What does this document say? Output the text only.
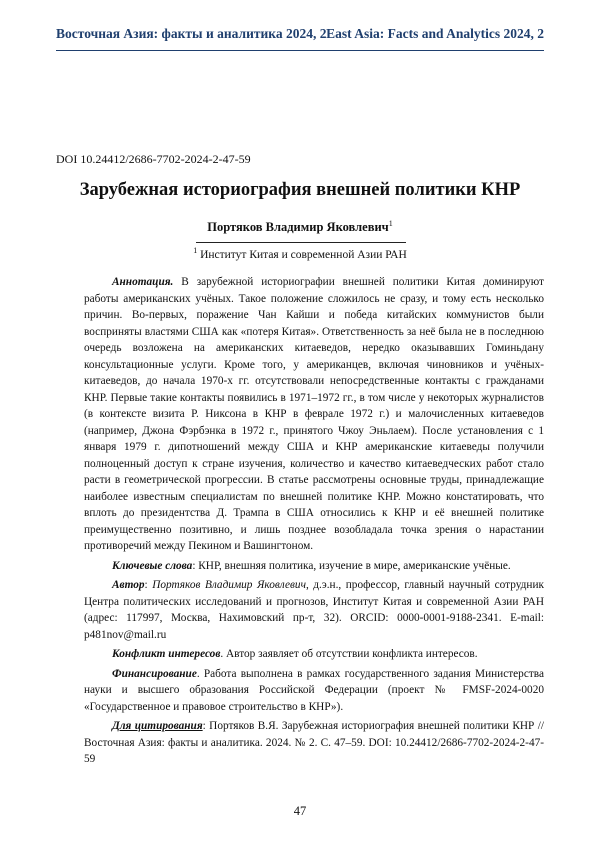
Восточная Азия: факты и аналитика 2024, 2 East Asia: Facts and Analytics 2024, 2
DOI 10.24412/2686-7702-2024-2-47-59
Зарубежная историография внешней политики КНР
Портяков Владимир Яковлевич$^1$
$^1$ Институт Китая и современной Азии РАН

Аннотация. В зарубежной историографии внешней политики Китая доминируют работы американских учёных. Такое положение сложилось не сразу, и тому есть несколько причин. Во-первых, поражение Чан Кайши и победа китайских коммунистов были восприняты властями США как «потеря Китая». Ответственность за неё была не в последнюю очередь возложена на американских китаеведов, нередко оказывавших Гоминьдану консультационные услуги. Кроме того, у американцев, включая чиновников и учёных-китаеведов, до начала 1970-х гг. отсутствовали непосредственные контакты с гражданами КНР. Первые такие контакты появились в 1971–1972 гг., в том числе у некоторых журналистов (в контексте визита Р. Никсона в КНР в феврале 1972 г.) и малочисленных китаеведов (например, Джона Фэрбэнка в 1972 г., принятого Чжоу Эньлаем). После установления с 1 января 1979 г. дипотношений между США и КНР американские китаеведы получили полноценный доступ к стране изучения, количество и качество китаеведческих работ стало расти в геометрической прогрессии. В статье рассмотрены основные труды, принадлежащие наиболее известным специалистам по внешней политике КНР. Можно констатировать, что вплоть до президентства Д. Трампа в США относились к КНР и её внешней политике преимущественно позитивно, и лишь позднее возобладала точка зрения о нарастании противоречий между Пекином и Вашингтоном.

Ключевые слова: КНР, внешняя политика, изучение в мире, американские учёные.

Автор: Портяков Владимир Яковлевич, д.э.н., профессор, главный научный сотрудник Центра политических исследований и прогнозов, Институт Китая и современной Азии РАН (адрес: 117997, Москва, Нахимовский пр-т, 32). ORCID: 0000-0001-9188-2341. E-mail: p481nov@mail.ru

Конфликт интересов. Автор заявляет об отсутствии конфликта интересов.

Финансирование. Работа выполнена в рамках государственного задания Министерства науки и высшего образования Российской Федерации (проект № FMSF-2024-0020 «Государственное и правовое строительство в КНР»).

Для цитирования: Портяков В.Я. Зарубежная историография внешней политики КНР // Восточная Азия: факты и аналитика. 2024. № 2. С. 47–59. DOI: 10.24412/2686-7702-2024-2-47-59

47
